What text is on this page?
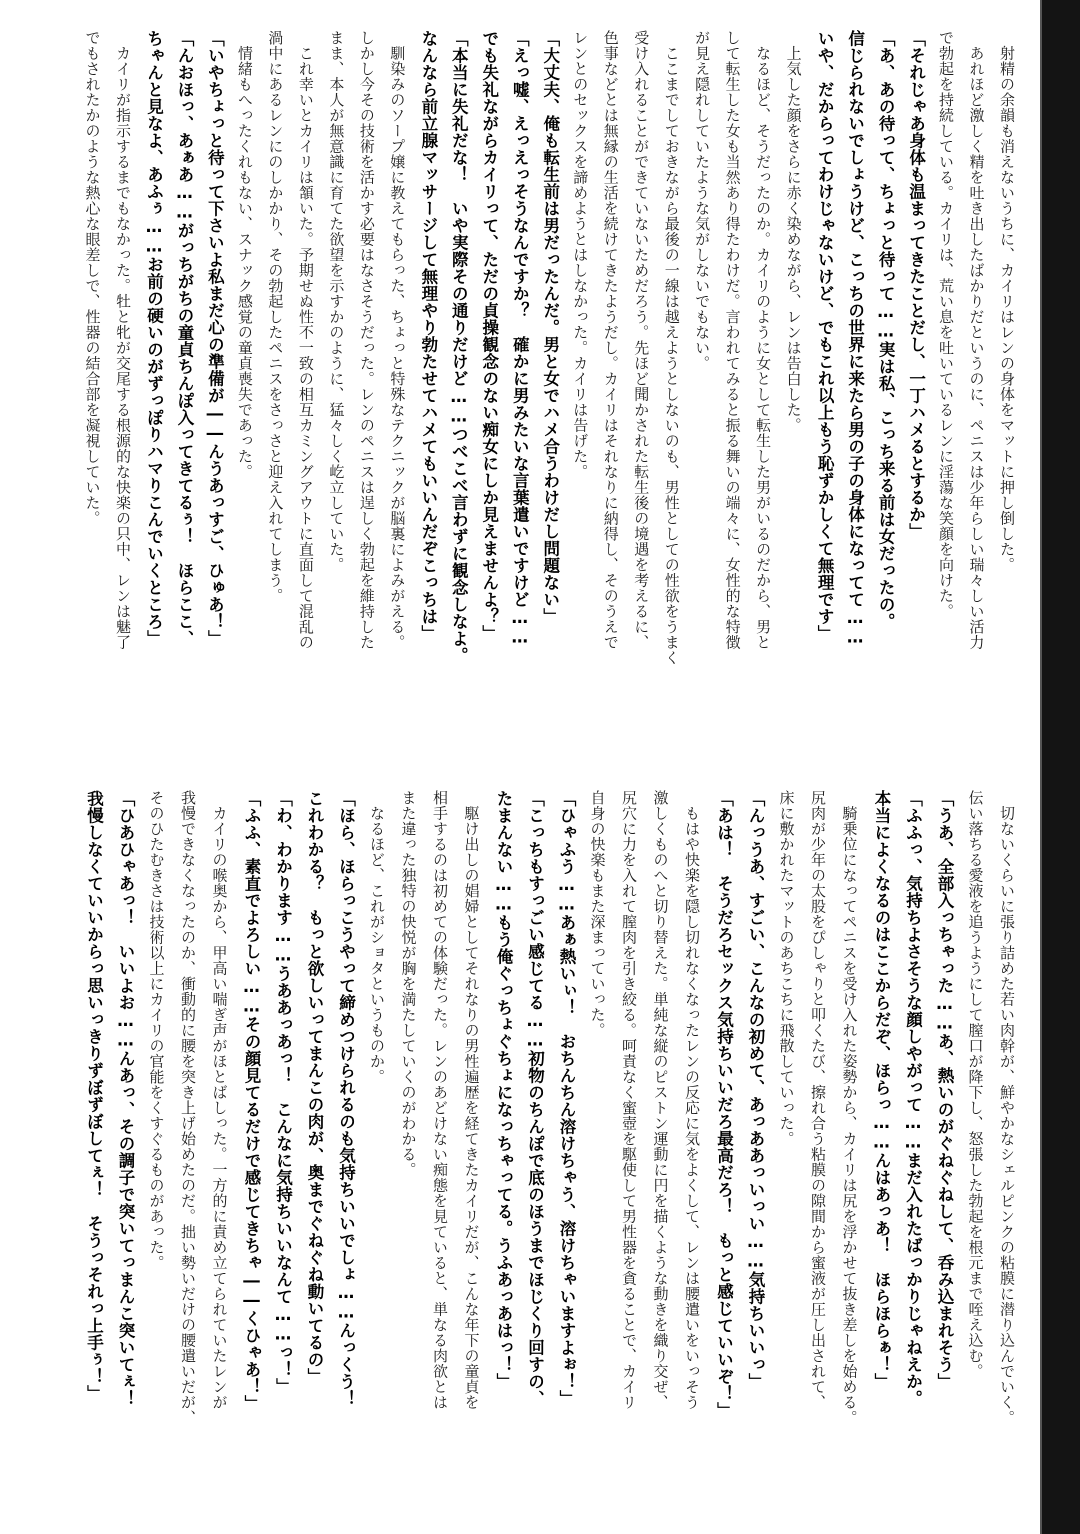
　射精の余韻も消えないうちに、カイリはレンの身体をマットに押し倒した。
　あれほど激しく精を吐き出したばかりだというのに、ペニスは少年らしい瑞々しい活力
で勃起を持続している。カイリは、荒い息を吐いているレンに淫蕩な笑顔を向けた。
「それじゃあ身体も温まってきたことだし、一丁ハメるとするか」
「あ、あの待って、ちょっと待って……実は私、こっち来る前は女だったの。
信じられないでしょうけど、こっちの世界に来たら男の子の身体になってて……
いや、だからってわけじゃないけど、でもこれ以上もう恥ずかしくて無理です」
　上気した顔をさらに赤く染めながら、レンは告白した。
　なるほど、そうだったのか。カイリのように女として転生した男がいるのだから、男と
して転生した女も当然あり得たわけだ。言われてみると振る舞いの端々に、女性的な特徴
が見え隠れしていたような気がしないでもない。
　ここまでしておきながら最後の一線は越えようとしないのも、男性としての性欲をうまく
受け入れることができていないためだろう。先ほど聞かされた転生後の境遇を考えるに、
色事などとは無縁の生活を続けてきたようだし。カイリはそれなりに納得し、そのうえで
レンとのセックスを諦めようとはしなかった。カイリは告げた。
「大丈夫、俺も転生前は男だったんだ。男と女でハメ合うわけだし問題ない」
「えっ嘘、えっえっそうなんですか？　確かに男みたいな言葉遣いですけど……
でも失礼ながらカイリって、ただの貞操観念のない痴女にしか見えませんよ？」
「本当に失礼だな！　いや実際その通りだけど……つべこべ言わずに観念しなよ。
なんなら前立腺マッサージして無理やり勃たせてハメてもいいんだぞこっちは」
　馴染みのソープ嬢に教えてもらった、ちょっと特殊なテクニックが脳裏によみがえる。
しかし今その技術を活かす必要はなさそうだった。レンのペニスは逞しく勃起を維持した
まま、本人が無意識に育てた欲望を示すかのように、猛々しく屹立していた。
　これ幸いとカイリは頷いた。予期せぬ性不一致の相互カミングアウトに直面して混乱の
渦中にあるレンにのしかかり、その勃起したペニスをさっさと迎え入れてしまう。
　情緒もへったくれもない、スナック感覚の童貞喪失であった。
「いやちょっと待って下さいよ私まだ心の準備が――んうあっすご、ひゅあ！」
「んおほっ、あぁあ……がっちがちの童貞ちんぽ入ってきてるぅ！　ほらここ、
ちゃんと見なよ、あふぅ……お前の硬いのがずっぽりハマりこんでいくところ」
　カイリが指示するまでもなかった。牡と牝が交尾する根源的な快楽の只中、レンは魅了
でもされたかのような熱心な眼差しで、性器の結合部を凝視していた。
　切ないくらいに張り詰めた若い肉幹が、鮮やかなシェルピンクの粘膜に潜り込んでいく。
伝い落ちる愛液を追うようにして膣口が降下し、怒張した勃起を根元まで咥え込む。
「うあ、全部入っちゃった……あ、熱いのがぐねぐねして、呑み込まれそう」
「ふふっ、気持ちよさそうな顔しやがって……まだ入れたばっかりじゃねえか。
本当によくなるのはここからだぞ、ほらっ……んはあっあ！　ほらほらぁ！」
　騎乗位になってペニスを受け入れた姿勢から、カイリは尻を浮かせて抜き差しを始める。
尻肉が少年の太股をぴしゃりと叩くたび、擦れ合う粘膜の隙間から蜜液が圧し出されて、
床に敷かれたマットのあちこちに飛散していった。
「んっうあ、すごい、こんなの初めて、あっああっいっい……気持ちいいっ」
「あは！　そうだろセックス気持ちいいだろ最高だろ！　もっと感じていいぞ！」
　もはや快楽を隠し切れなくなったレンの反応に気をよくして、レンは腰遣いをいっそう
激しくものへと切り替えた。単純な縦のピストン運動に円を描くような動きを織り交ぜ、
尻穴に力を入れて膣肉を引き絞る。呵責なく蜜壺を駆使して男性器を貪ることで、カイリ
自身の快楽もまた深まっていった。
「ひゃふう……あぁ熱いぃ！　おちんちん溶けちゃう、溶けちゃいますよぉ！」
「こっちもすっごい感じてる……初物のちんぽで底のほうまでほじくり回すの、
たまんない……もう俺ぐっちょぐちょになっちゃってる。うふあっあはっ！」
　駆け出しの娼婦としてそれなりの男性遍歴を経てきたカイリだが、こんな年下の童貞を
相手するのは初めての体験だった。レンのあどけない痴態を見ていると、単なる肉欲とは
また違った独特の快悦が胸を満たしていくのがわかる。
　なるほど、これがショタというものか。
「ほら、ほらっこうやって締めつけられるのも気持ちいいでしょ……んっくう！
これわかる？　もっと欲しいってまんこの肉が、奥までぐねぐね動いてるの」
「わ、わかります……うああっあっ！　こんなに気持ちいいなんて……っ！」
「ふふ、素直でよろしい……その顔見てるだけで感じてきちゃ――くひゃあ！」
　カイリの喉奥から、甲高い喘ぎ声がほとばしった。一方的に責め立てられていたレンが
我慢できなくなったのか、衝動的に腰を突き上げ始めたのだ。拙い勢いだけの腰遣いだが、
そのひたむきさは技術以上にカイリの官能をくすぐるものがあった。
「ひあひゃあっ！　いいよお……んあっ、その調子で突いてっまんこ突いてぇ！
我慢しなくていいからっ思いっきりずぼずぼしてぇ！　そうっそれっ上手ぅ！」
